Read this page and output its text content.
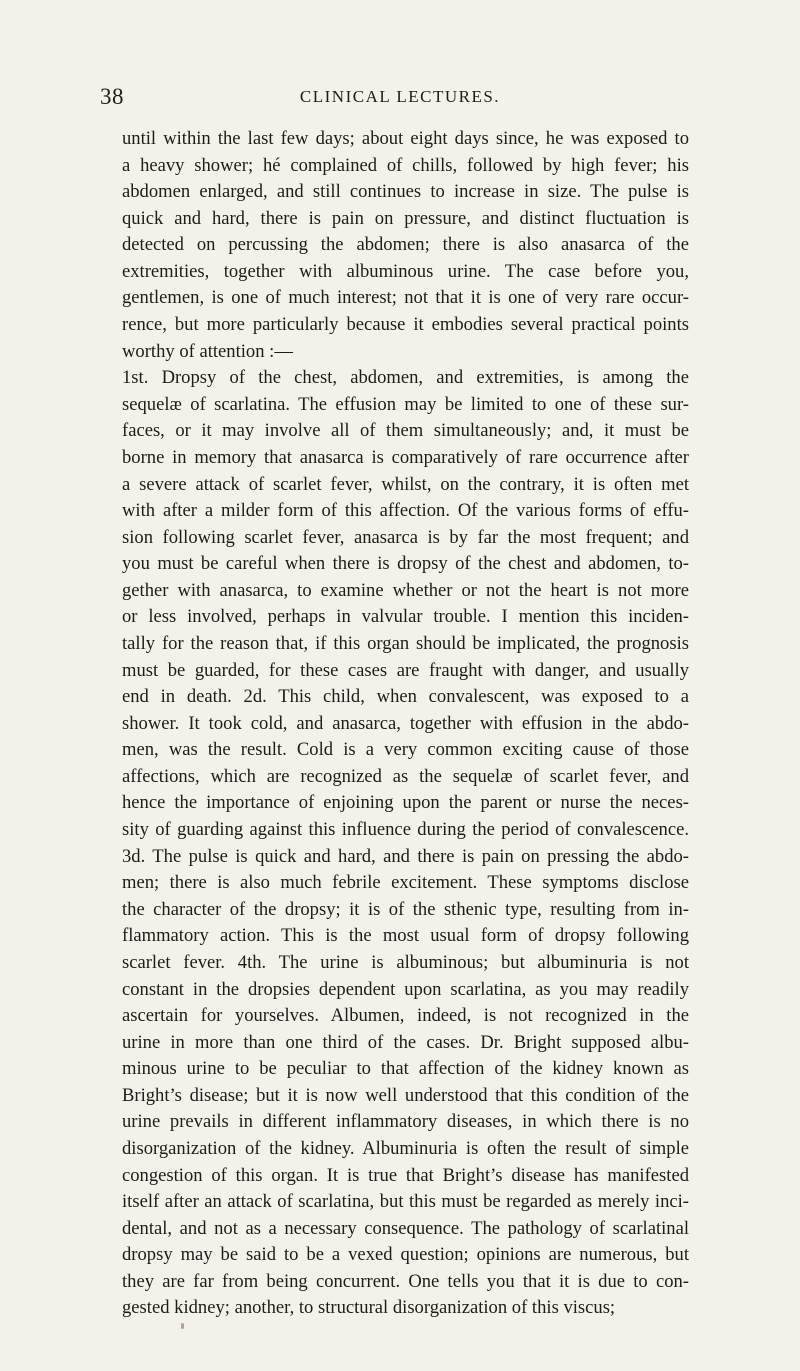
38	CLINICAL LECTURES.
until within the last few days; about eight days since, he was exposed to
a heavy shower; hé complained of chills, followed by high fever; his
abdomen enlarged, and still continues to increase in size. The pulse is
quick and hard, there is pain on pressure, and distinct fluctuation is
detected on percussing the abdomen; there is also anasarca of the
extremities, together with albuminous urine. The case before you,
gentlemen, is one of much interest; not that it is one of very rare occur-
rence, but more particularly because it embodies several practical points
worthy of attention :—
1st. Dropsy of the chest, abdomen, and extremities, is among the
sequelæ of scarlatina. The effusion may be limited to one of these sur-
faces, or it may involve all of them simultaneously; and, it must be
borne in memory that anasarca is comparatively of rare occurrence after
a severe attack of scarlet fever, whilst, on the contrary, it is often met
with after a milder form of this affection. Of the various forms of effu-
sion following scarlet fever, anasarca is by far the most frequent; and
you must be careful when there is dropsy of the chest and abdomen, to-
gether with anasarca, to examine whether or not the heart is not more
or less involved, perhaps in valvular trouble. I mention this inciden-
tally for the reason that, if this organ should be implicated, the prognosis
must be guarded, for these cases are fraught with danger, and usually
end in death. 2d. This child, when convalescent, was exposed to a
shower. It took cold, and anasarca, together with effusion in the abdo-
men, was the result. Cold is a very common exciting cause of those
affections, which are recognized as the sequelæ of scarlet fever, and
hence the importance of enjoining upon the parent or nurse the neces-
sity of guarding against this influence during the period of convalescence.
3d. The pulse is quick and hard, and there is pain on pressing the abdo-
men; there is also much febrile excitement. These symptoms disclose
the character of the dropsy; it is of the sthenic type, resulting from in-
flammatory action. This is the most usual form of dropsy following
scarlet fever. 4th. The urine is albuminous; but albuminuria is not
constant in the dropsies dependent upon scarlatina, as you may readily
ascertain for yourselves. Albumen, indeed, is not recognized in the
urine in more than one third of the cases. Dr. Bright supposed albu-
minous urine to be peculiar to that affection of the kidney known as
Bright’s disease; but it is now well understood that this condition of the
urine prevails in different inflammatory diseases, in which there is no
disorganization of the kidney. Albuminuria is often the result of simple
congestion of this organ. It is true that Bright’s disease has manifested
itself after an attack of scarlatina, but this must be regarded as merely inci-
dental, and not as a necessary consequence. The pathology of scarlatinal
dropsy may be said to be a vexed question; opinions are numerous, but
they are far from being concurrent. One tells you that it is due to con-
gested kidney; another, to structural disorganization of this viscus;
